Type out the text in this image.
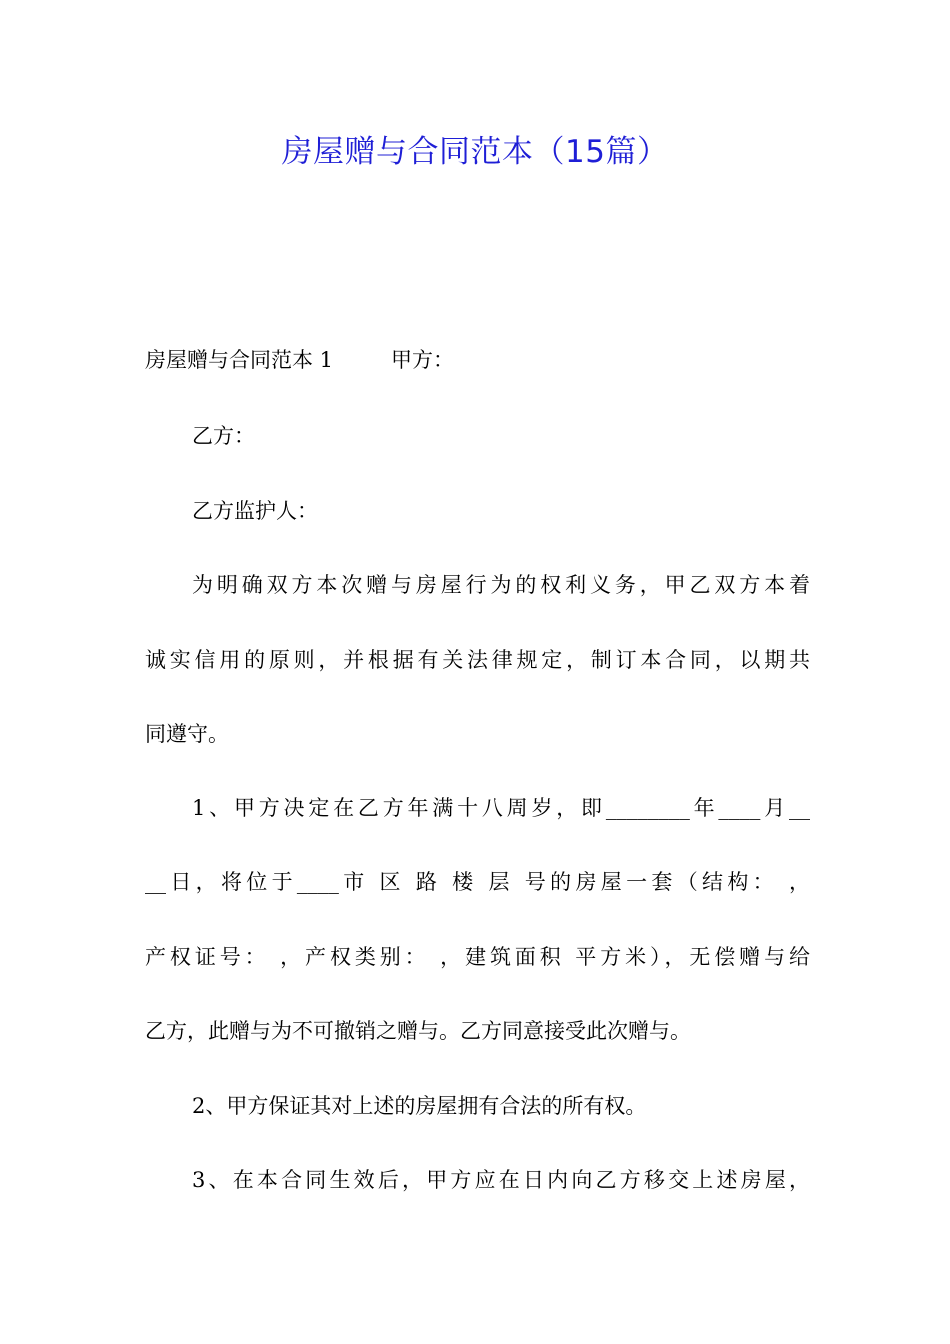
房屋赠与合同范本（15篇）
房屋赠与合同范本 1	甲方：
乙方：
乙方监护人：
为明确双方本次赠与房屋行为的权利义务，甲乙双方本着
诚实信用的原则，并根据有关法律规定，制订本合同，以期共
同遵守。
1、甲方决定在乙方年满十八周岁，即________年____月__
__日，将位于____市 区 路 楼 层 号的房屋一套（结构： ，
产权证号： ，产权类别： ，建筑面积 平方米），无偿赠与给
乙方，此赠与为不可撤销之赠与。乙方同意接受此次赠与。
2、甲方保证其对上述的房屋拥有合法的所有权。
3、在本合同生效后，甲方应在日内向乙方移交上述房屋，
